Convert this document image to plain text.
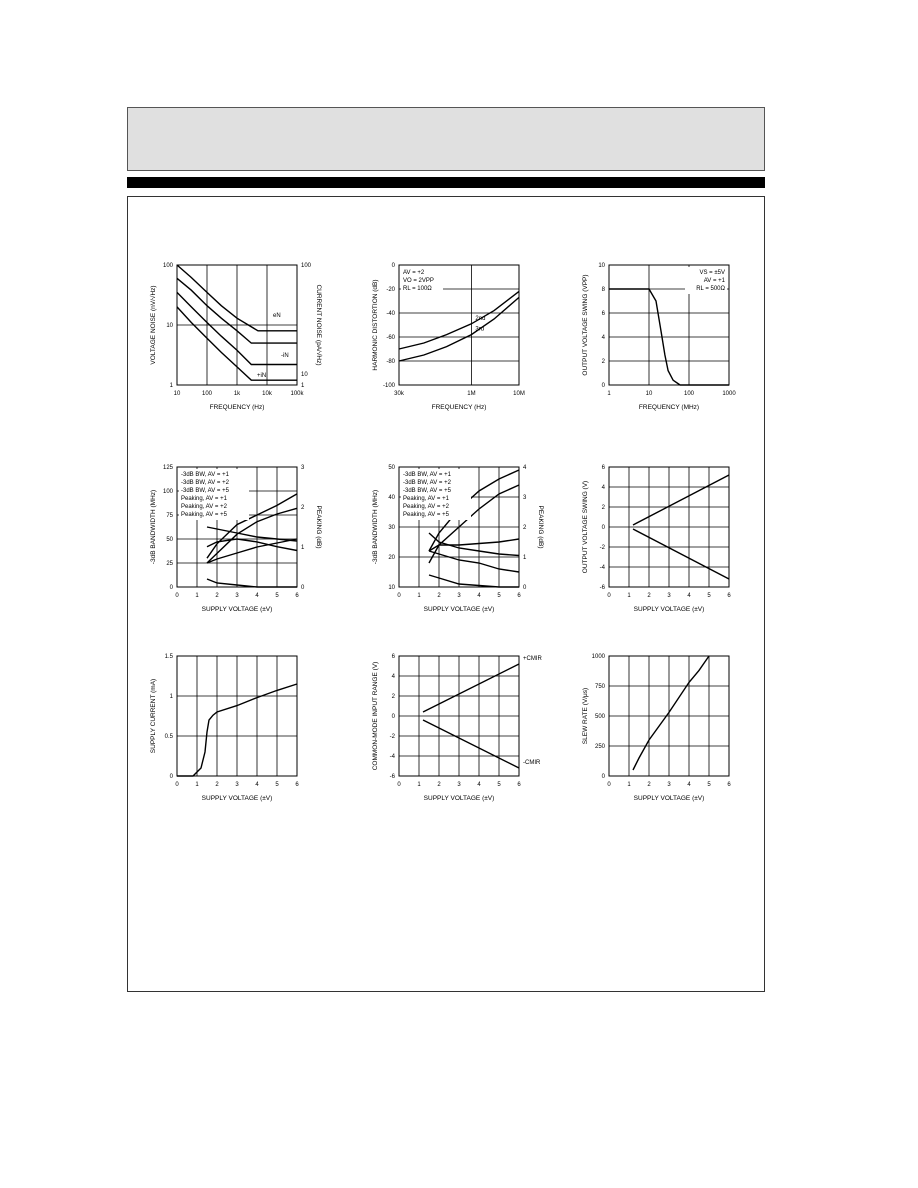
10	100	1k	10k	100k
1
10
100
1
10
100
FREQUENCY (Hz)
VOLTAGE NOISE (nV/√Hz)	CURRENT NOISE (pA/√Hz)
eN
-iN
+iN
30k	1M	10M
0
-20
-40
-60
-80
-100
FREQUENCY (Hz)
HARMONIC DISTORTION (dB)	2nd
3rd
AV = +2
VO = 2VPP
RL = 100Ω
1	10	100	1000
0
2
4
6
8
10
FREQUENCY (MHz)
OUTPUT VOLTAGE SWING (VPP)
VS = ±5V
AV = +1
RL = 500Ω
0	1	2	3	4	5	6
0
25
50
75
100
125
0
1
2
3
SUPPLY VOLTAGE (±V)
-3dB BANDWIDTH (MHz)	PEAKING (dB)
-3dB BW, AV = +1
-3dB BW, AV = +2
-3dB BW, AV = +5
Peaking, AV = +1
Peaking, AV = +2
Peaking, AV = +5
0	1	2	3	4	5	6
10
20
30
40
50
0
1
2
3
4
SUPPLY VOLTAGE (±V)
-3dB BANDWIDTH (MHz)	PEAKING (dB)
-3dB BW, AV = +1
-3dB BW, AV = +2
-3dB BW, AV = +5
Peaking, AV = +1
Peaking, AV = +2
Peaking, AV = +5
0	1	2	3	4	5	6
-6
-4
-2
0
2
4
6
SUPPLY VOLTAGE (±V)
OUTPUT VOLTAGE SWING (V)
0	1	2	3	4	5	6
0
0.5
1
1.5
SUPPLY VOLTAGE (±V)
SUPPLY CURRENT (mA)
0	1	2	3	4	5	6
-6
-4
-2
0
2
4
6
SUPPLY VOLTAGE (±V)
COMMON-MODE INPUT RANGE (V)
+CMIR
-CMIR
0	1	2	3	4	5	6
0
250
500
750
1000
SUPPLY VOLTAGE (±V)
SLEW RATE (V/μs)
